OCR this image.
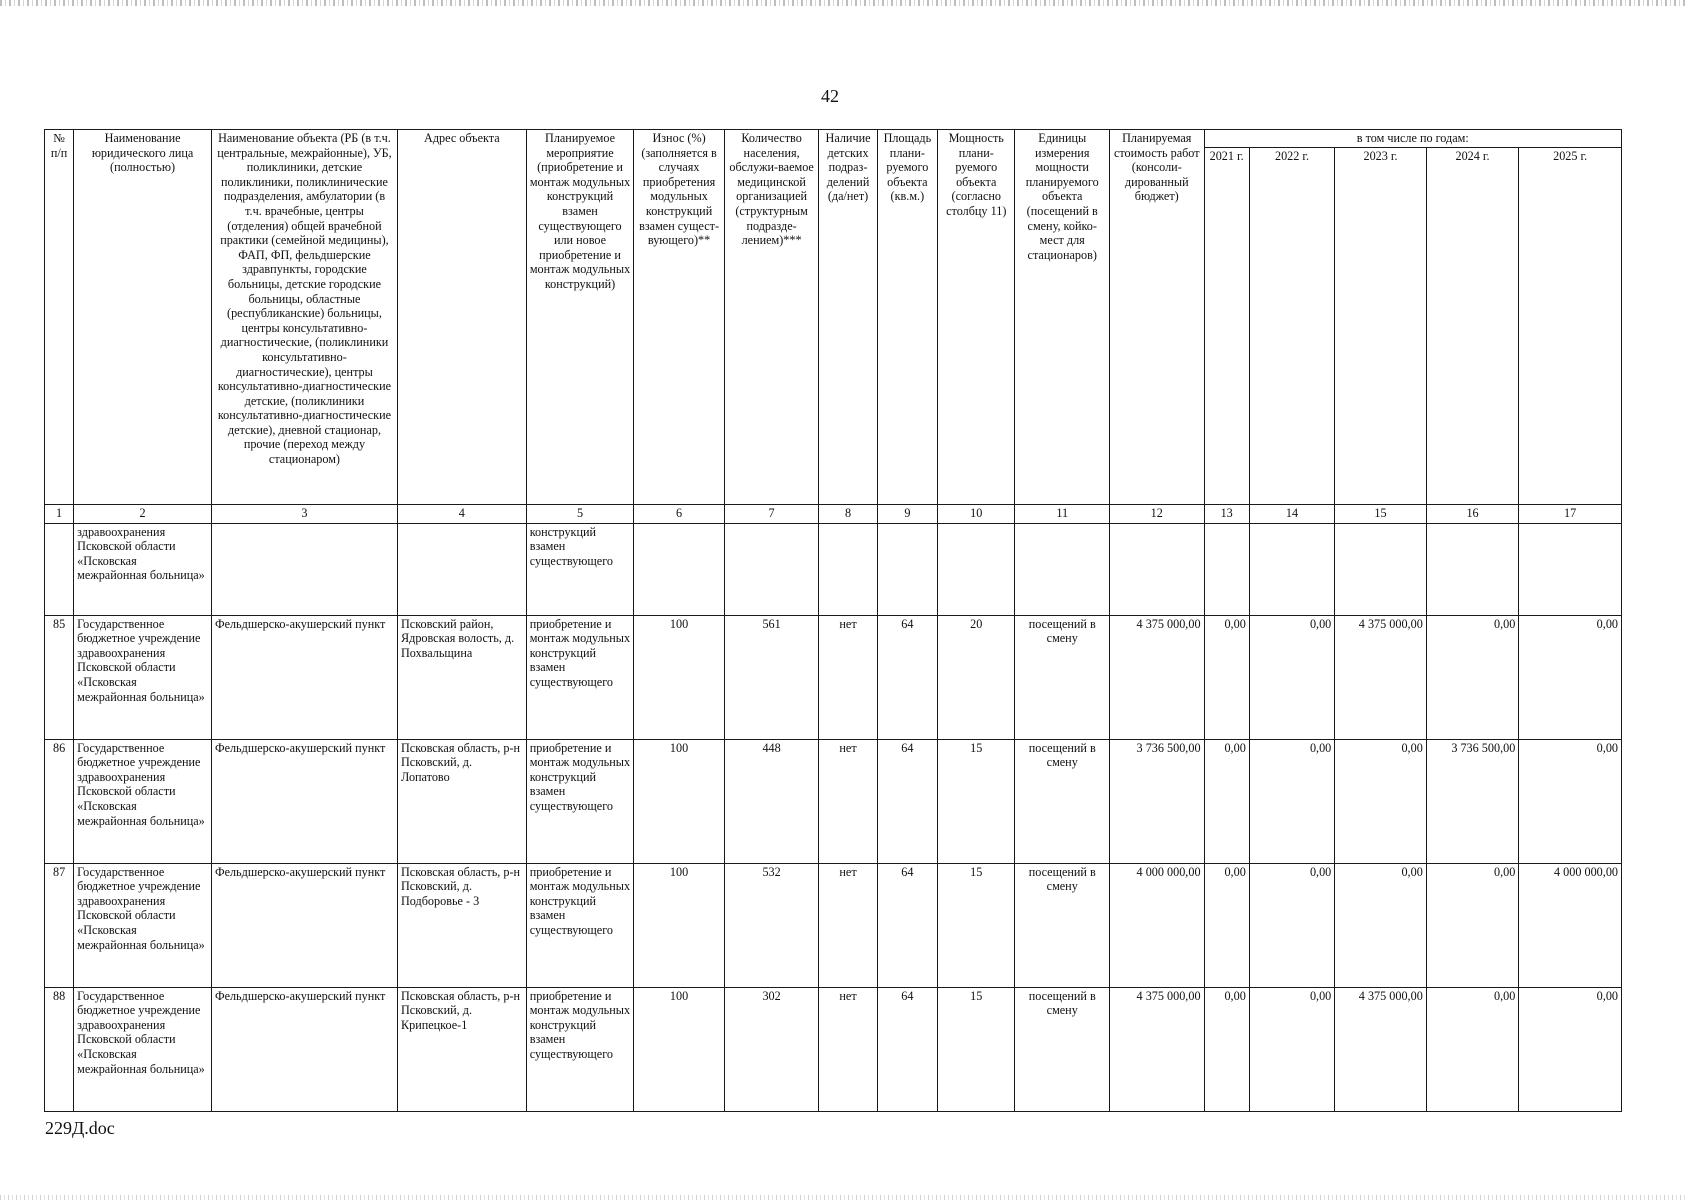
42
№ п/п	Наименование юридического лица (полностью)	Наименование объекта (РБ (в т.ч. центральные, межрайонные), УБ, поликлиники, детские поликлиники, поликлинические подразделения, амбулатории (в т.ч. врачебные, центры (отделения) общей врачебной практики (семейной медицины), ФАП, ФП, фельдшерские здравпункты, городские больницы, детские городские больницы, областные (республиканские) больницы, центры консультативно-диагностические, (поликлиники консультативно-диагностические), центры консультативно-диагностические детские, (поликлиники консультативно-диагностические детские), дневной стационар, прочие (переход между стационаром)	Адрес объекта	Планируемое мероприятие (приобретение и монтаж модульных конструкций взамен существующего или новое приобретение и монтаж модульных конструкций)	Износ (%) (заполняется в случаях приобретения модульных конструкций взамен сущест-вующего)**	Количество населения, обслужи-ваемое медицинской организацией (структурным подразде-лением)***	Наличие детских подраз-делений (да/нет)	Площадь плани-руемого объекта (кв.м.)	Мощность плани-руемого объекта (согласно столбцу 11)	Единицы измерения мощности планируемого объекта (посещений в смену, койко-мест для стационаров)	Планируемая стоимость работ (консоли-дированный бюджет)	в том числе по годам:				
												2021 г.	2022 г.	2023 г.	2024 г.	2025 г.
1	2	3	4	5	6	7	8	9	10	11	12	13	14	15	16	17
	здравоохранения Псковской области «Псковская межрайонная больница»			конструкций взамен существующего												
85	Государственное бюджетное учреждение здравоохранения Псковской области «Псковская межрайонная больница»	Фельдшерско-акушерский пункт	Псковский район, Ядровская волость, д. Похвальщина	приобретение и монтаж модульных конструкций взамен существующего	100	561	нет	64	20	посещений в смену	4 375 000,00	0,00	0,00	4 375 000,00	0,00	0,00
86	Государственное бюджетное учреждение здравоохранения Псковской области «Псковская межрайонная больница»	Фельдшерско-акушерский пункт	Псковская область, р-н Псковский, д. Лопатово	приобретение и монтаж модульных конструкций взамен существующего	100	448	нет	64	15	посещений в смену	3 736 500,00	0,00	0,00	0,00	3 736 500,00	0,00
87	Государственное бюджетное учреждение здравоохранения Псковской области «Псковская межрайонная больница»	Фельдшерско-акушерский пункт	Псковская область, р-н Псковский, д. Подборовье - 3	приобретение и монтаж модульных конструкций взамен существующего	100	532	нет	64	15	посещений в смену	4 000 000,00	0,00	0,00	0,00	0,00	4 000 000,00
88	Государственное бюджетное учреждение здравоохранения Псковской области «Псковская межрайонная больница»	Фельдшерско-акушерский пункт	Псковская область, р-н Псковский, д. Крипецкое-1	приобретение и монтаж модульных конструкций взамен существующего	100	302	нет	64	15	посещений в смену	4 375 000,00	0,00	0,00	4 375 000,00	0,00	0,00
229Д.doc
